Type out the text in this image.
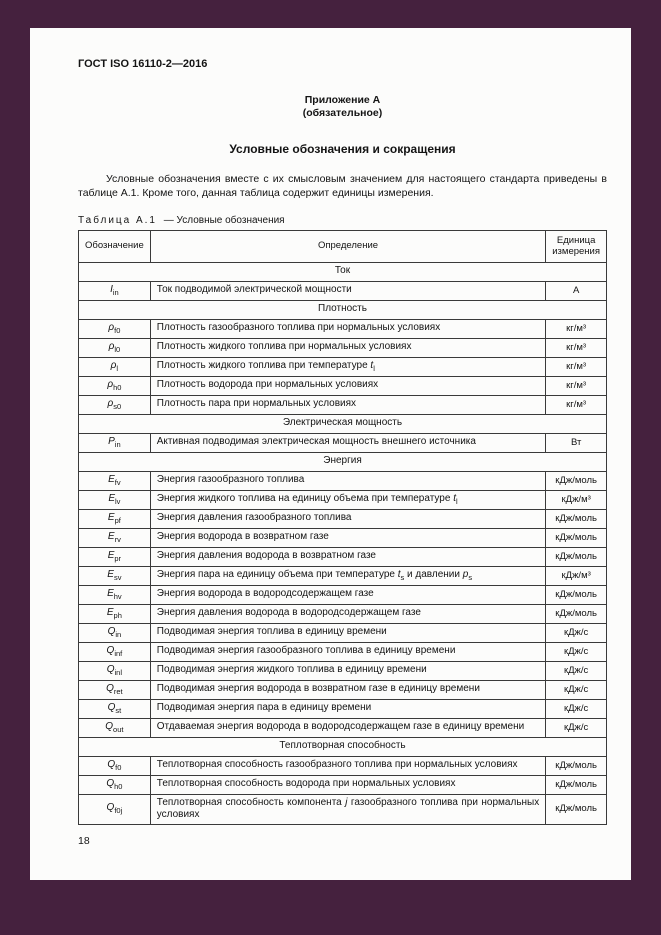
ГОСТ ISO 16110-2—2016
Приложение А
(обязательное)
Условные обозначения и сокращения

Условные обозначения вместе с их смысловым значением для настоящего стандарта приведены в таблице А.1. Кроме того, данная таблица содержит единицы измерения.

Таблица А.1 — Условные обозначения
Обозначение	Определение	Единица измерения
Ток		
$I_{in}$	Ток подводимой электрической мощности	А
Плотность		
$\rho_{f0}$	Плотность газообразного топлива при нормальных условиях	кг/м³
$\rho_{l0}$	Плотность жидкого топлива при нормальных условиях	кг/м³
$\rho_l$	Плотность жидкого топлива при температуре $t_l$	кг/м³
$\rho_{h0}$	Плотность водорода при нормальных условиях	кг/м³
$\rho_{s0}$	Плотность пара при нормальных условиях	кг/м³
Электрическая мощность		
$P_{in}$	Активная подводимая электрическая мощность внешнего источника	Вт
Энергия		
$E_{fv}$	Энергия газообразного топлива	кДж/моль
$E_{lv}$	Энергия жидкого топлива на единицу объема при температуре $t_l$	кДж/м³
$E_{pf}$	Энергия давления газообразного топлива	кДж/моль
$E_{rv}$	Энергия водорода в возвратном газе	кДж/моль
$E_{pr}$	Энергия давления водорода в возвратном газе	кДж/моль
$E_{sv}$	Энергия пара на единицу объема при температуре $t_s$ и давлении $p_s$	кДж/м³
$E_{hv}$	Энергия водорода в водородсодержащем газе	кДж/моль
$E_{ph}$	Энергия давления водорода в водородсодержащем газе	кДж/моль
$Q_{in}$	Подводимая энергия топлива в единицу времени	кДж/с
$Q_{inf}$	Подводимая энергия газообразного топлива в единицу времени	кДж/с
$Q_{inl}$	Подводимая энергия жидкого топлива в единицу времени	кДж/с
$Q_{ret}$	Подводимая энергия водорода в возвратном газе в единицу времени	кДж/с
$Q_{st}$	Подводимая энергия пара в единицу времени	кДж/с
$Q_{out}$	Отдаваемая энергия водорода в водородсодержащем газе в единицу времени	кДж/с
Теплотворная способность		
$Q_{f0}$	Теплотворная способность газообразного топлива при нормальных условиях	кДж/моль
$Q_{h0}$	Теплотворная способность водорода при нормальных условиях	кДж/моль
$Q_{f0j}$	Теплотворная способность компонента j газообразного топлива при нормальных условиях	кДж/моль
18
